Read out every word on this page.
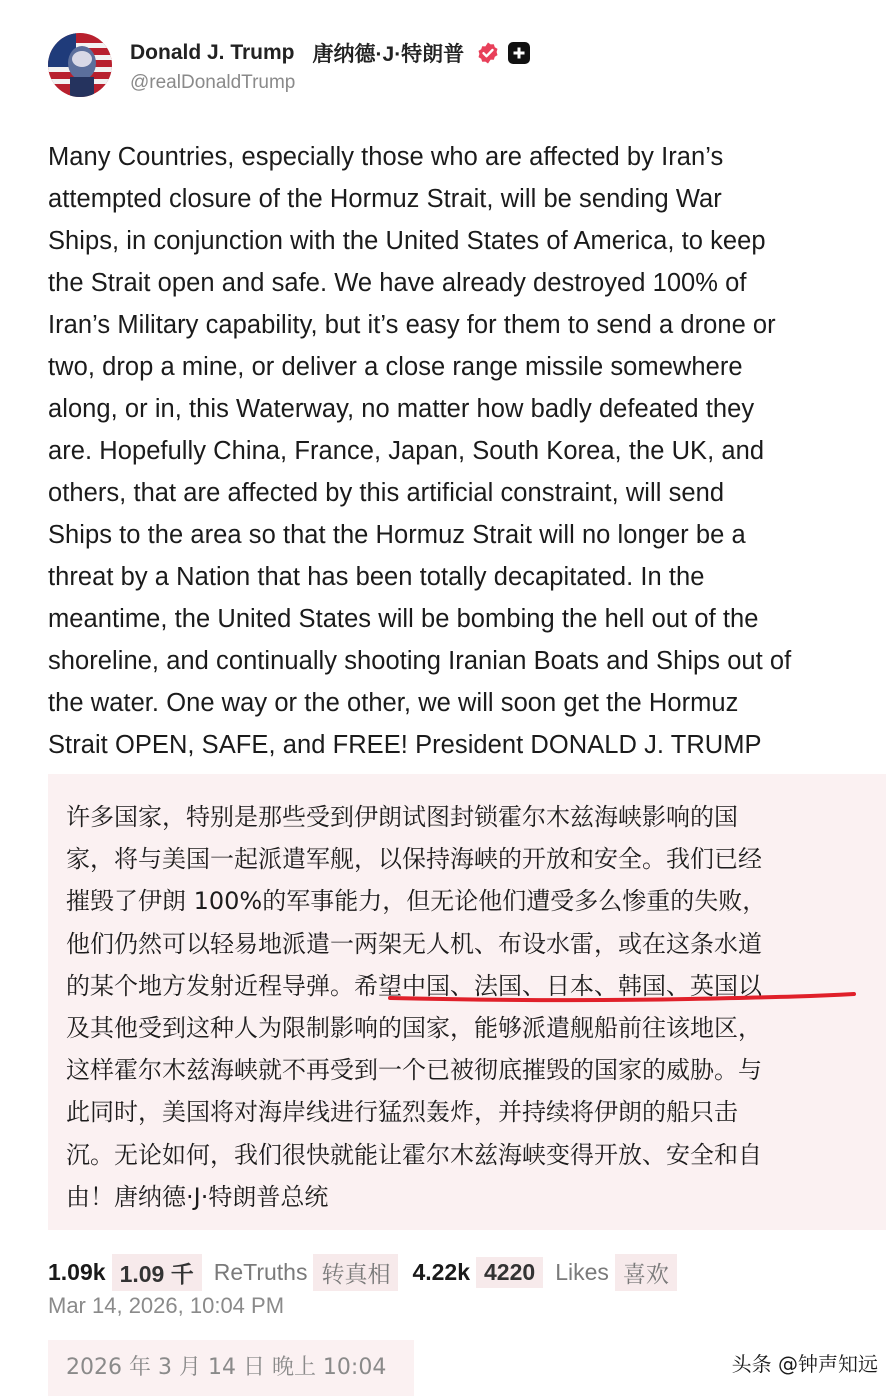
Donald J. Trump 唐纳德·J·特朗普
@realDonaldTrump
Many Countries, especially those who are affected by Iran’s
attempted closure of the Hormuz Strait, will be sending War
Ships, in conjunction with the United States of America, to keep
the Strait open and safe. We have already destroyed 100% of
Iran’s Military capability, but it’s easy for them to send a drone or
two, drop a mine, or deliver a close range missile somewhere
along, or in, this Waterway, no matter how badly defeated they
are. Hopefully China, France, Japan, South Korea, the UK, and
others, that are affected by this artificial constraint, will send
Ships to the area so that the Hormuz Strait will no longer be a
threat by a Nation that has been totally decapitated. In the
meantime, the United States will be bombing the hell out of the
shoreline, and continually shooting Iranian Boats and Ships out of
the water. One way or the other, we will soon get the Hormuz
Strait OPEN, SAFE, and FREE! President DONALD J. TRUMP
许多国家，特别是那些受到伊朗试图封锁霍尔木兹海峡影响的国
家，将与美国一起派遣军舰，以保持海峡的开放和安全。我们已经
摧毁了伊朗 100%的军事能力，但无论他们遭受多么惨重的失败，
他们仍然可以轻易地派遣一两架无人机、布设水雷，或在这条水道
的某个地方发射近程导弹。希望中国、法国、日本、韩国、英国以
及其他受到这种人为限制影响的国家，能够派遣舰船前往该地区，
这样霍尔木兹海峡就不再受到一个已被彻底摧毁的国家的威胁。与
此同时，美国将对海岸线进行猛烈轰炸，并持续将伊朗的船只击
沉。无论如何，我们很快就能让霍尔木兹海峡变得开放、安全和自
由！唐纳德·J·特朗普总统
1.09k 1.09 千 ReTruths 转真相 4.22k 4220 Likes 喜欢
Mar 14, 2026, 10:04 PM
2026 年 3 月 14 日 晚上 10:04	头条 @钟声知远
